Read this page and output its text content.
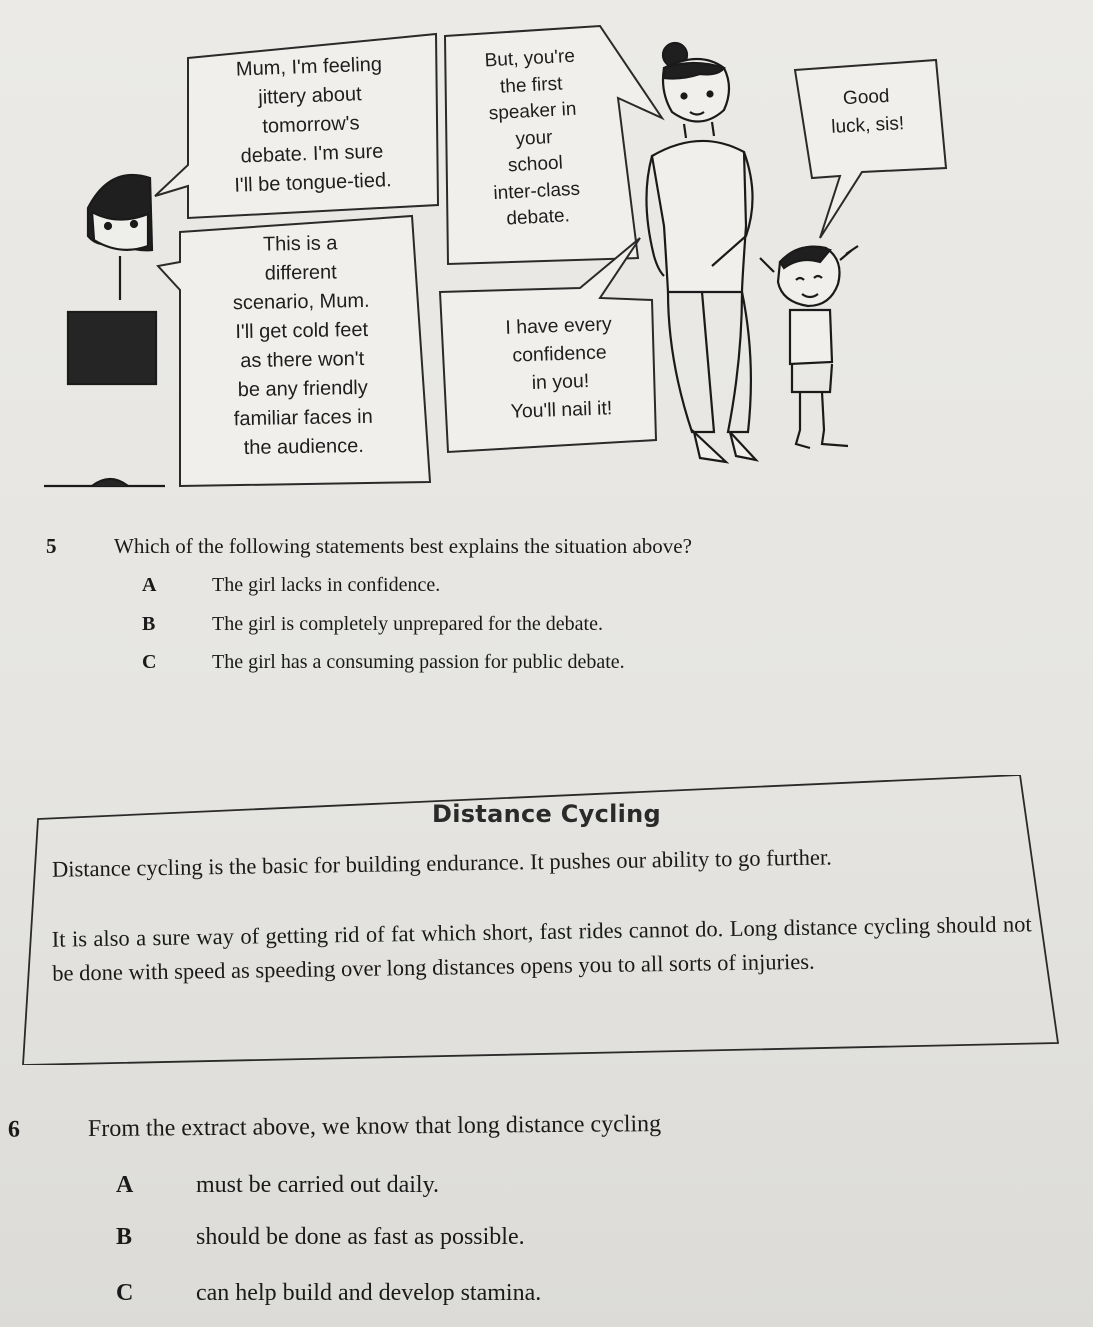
Mum, I'm feeling
jittery about
tomorrow's
debate. I'm sure
I'll be tongue-tied.
But, you're
the first
speaker in
your
school
inter-class
debate.
Good
luck, sis!
This is a
different
scenario, Mum.
I'll get cold feet
as there won't
be any friendly
familiar faces in
the audience.
I have every
confidence
in you!
You'll nail it!
5	Which of the following statements best explains the situation above?
A	The girl lacks in confidence.
B	The girl is completely unprepared for the debate.
C	The girl has a consuming passion for public debate.
Distance Cycling
Distance cycling is the basic for building endurance. It pushes our ability to go further.
It is also a sure way of getting rid of fat which short, fast rides cannot do. Long distance cycling should not be done with speed as speeding over long distances opens you to all sorts of injuries.
6	From the extract above, we know that long distance cycling
A	must be carried out daily.
B	should be done as fast as possible.
C	can help build and develop stamina.
